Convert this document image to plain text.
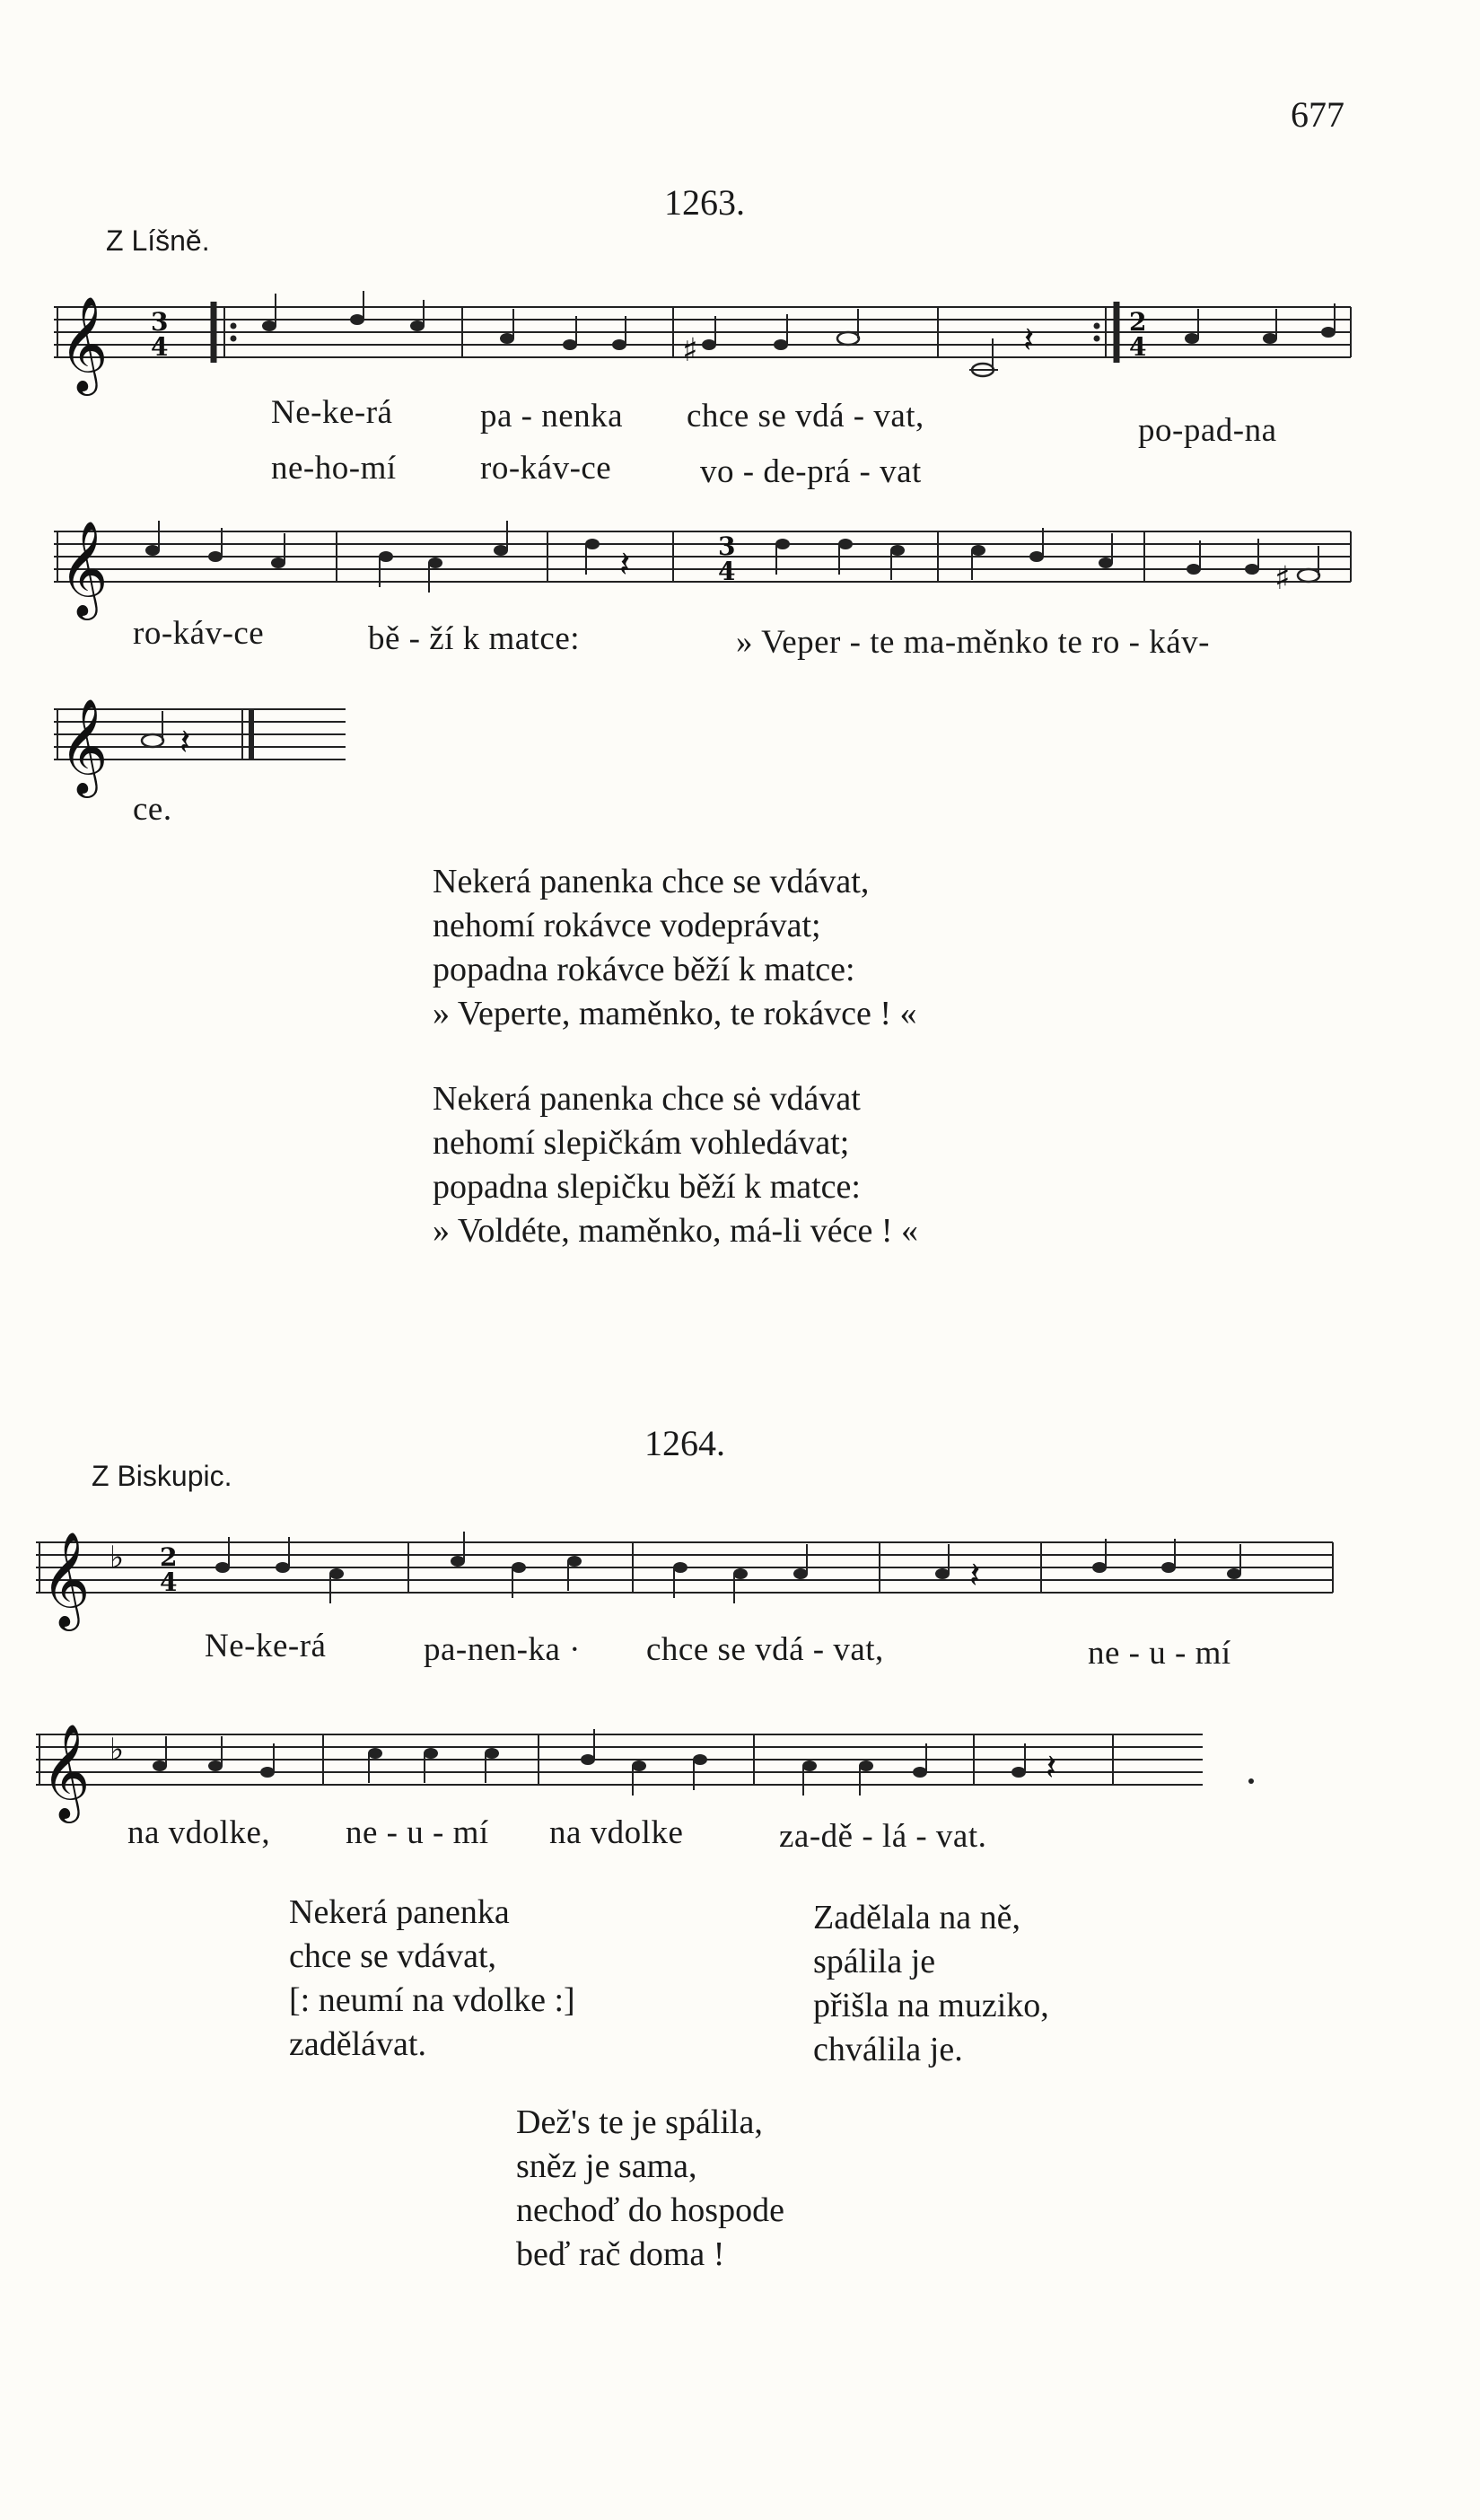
677
1263.
Z Líšně.
𝄞 3
4	♯	𝄽	2
4
Ne-ke-rá	pa - nenka chce se vdá - vat,	po-pad-na
ne-ho-mí	ro-káv-ce	vo - de-prá - vat
𝄞	𝄽	3
4	♯
ro-káv-ce	bě - ží k matce:	» Veper - te ma-měnko te ro - káv-
𝄞 𝄽
ce.
Nekerá panenka chce se vdávat,
nehomí rokávce vodeprávat;
popadna rokávce běží k matce:
» Veperte, maměnko, te rokávce ! «
Nekerá panenka chce sė vdávat
nehomí slepičkám vohledávat;
popadna slepičku běží k matce:
» Voldéte, maměnko, má-li véce ! «
1264.
Z Biskupic.
𝄞 ♭ 2
4	𝄽
Ne-ke-rá	pa-nen-ka · chce se vdá - vat,	ne - u - mí
𝄞 ♭	𝄽
na vdolke, ne - u - mí na vdolke	za-dě - lá - vat.
Nekerá panenka
chce se vdávat,
[: neumí na vdolke :]
zadělávat.
Zadělala na ně,
spálila je
přišla na muziko,
chválila je.
Dež's te je spálila,
sněz je sama,
nechoď do hospode
beď rač doma !
